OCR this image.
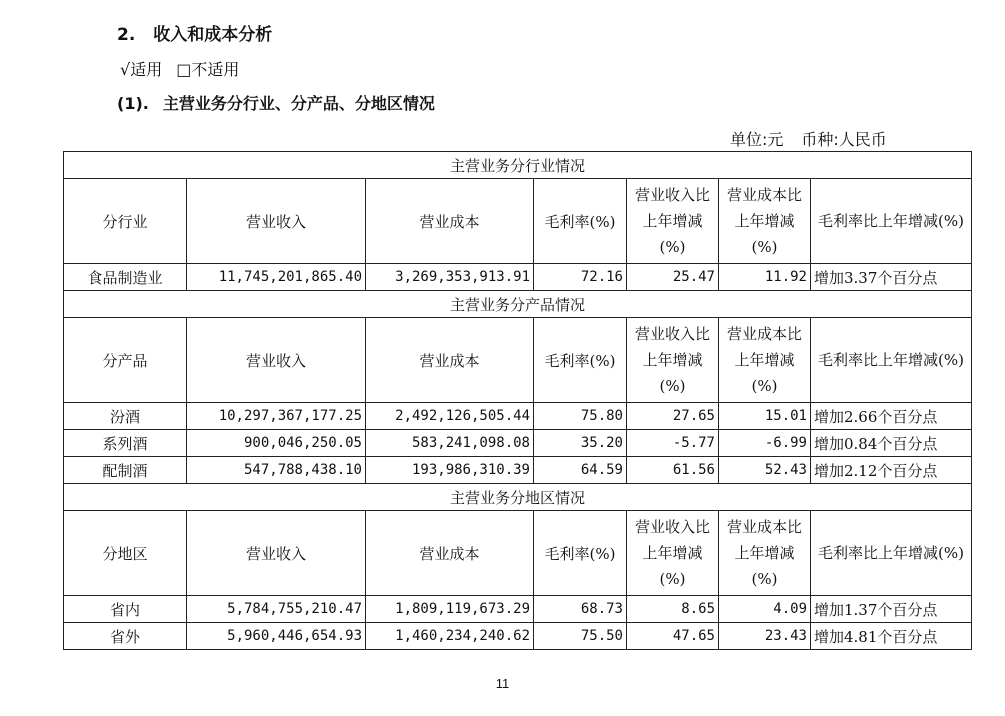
2. 收入和成本分析
√适用 □不适用
(1). 主营业务分行业、分产品、分地区情况
单位:元 币种:人民币
主营业务分行业情况						
分行业	营业收入	营业成本	毛利率(%)	营业收入比上年增减(%)	营业成本比上年增减(%)	毛利率比上年增减(%)
食品制造业	11,745,201,865.40	3,269,353,913.91	72.16	25.47	11.92	增加3.37个百分点
主营业务分产品情况						
分产品	营业收入	营业成本	毛利率(%)	营业收入比上年增减(%)	营业成本比上年增减(%)	毛利率比上年增减(%)
汾酒	10,297,367,177.25	2,492,126,505.44	75.80	27.65	15.01	增加2.66个百分点
系列酒	900,046,250.05	583,241,098.08	35.20	-5.77	-6.99	增加0.84个百分点
配制酒	547,788,438.10	193,986,310.39	64.59	61.56	52.43	增加2.12个百分点
主营业务分地区情况						
分地区	营业收入	营业成本	毛利率(%)	营业收入比上年增减(%)	营业成本比上年增减(%)	毛利率比上年增减(%)
省内	5,784,755,210.47	1,809,119,673.29	68.73	8.65	4.09	增加1.37个百分点
省外	5,960,446,654.93	1,460,234,240.62	75.50	47.65	23.43	增加4.81个百分点
11
